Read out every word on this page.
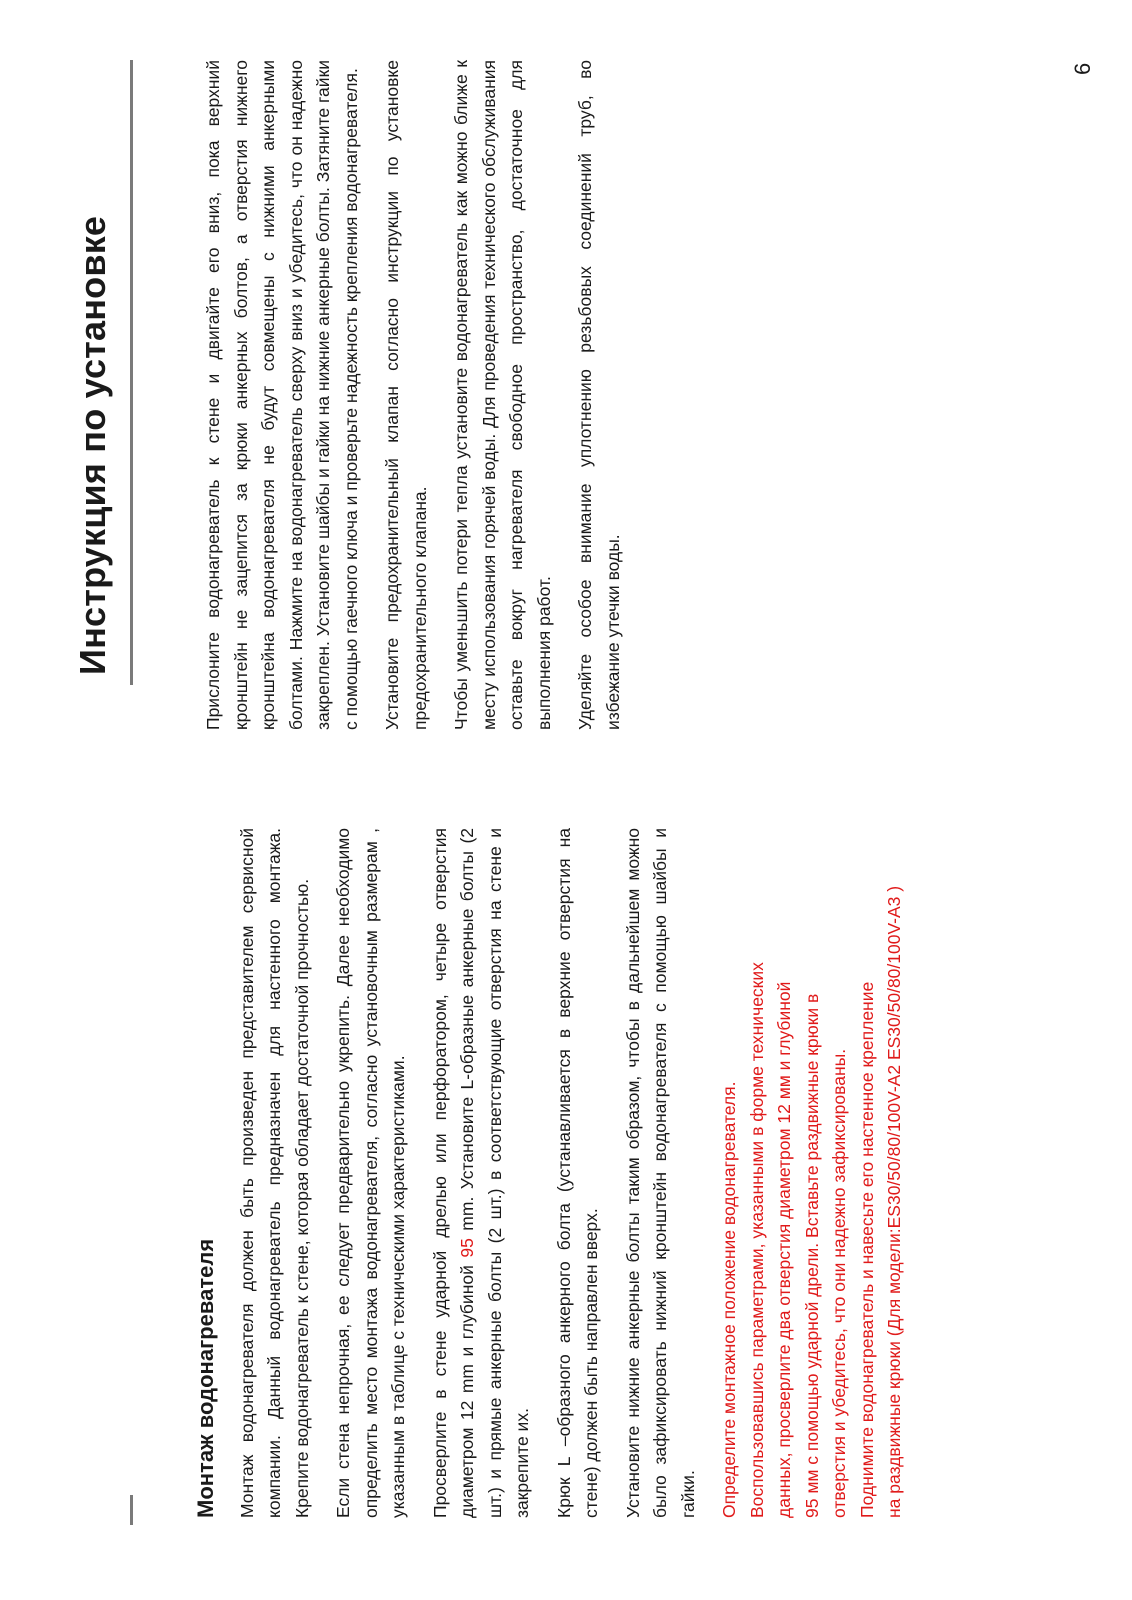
Инструкция по установке
Монтаж водонагревателя Монтаж водонагревателя должен быть произведен представителем сервисной компании. Данный водонагреватель предназначен для настенного монтажа. Крепите водонагреватель к стене, которая обладает достаточной прочностью. Если стена непрочная, ее следует предварительно укрепить. Далее необходимо определить место монтажа водонагревателя, согласно установочным размерам , указанным в таблице с техническими характеристиками. Просверлите в стене ударной дрелью или перфоратором, четыре отверстия диаметром 12 mm и глубиной 95 mm. Установите L-образные анкерные болты (2 шт.) и прямые анкерные болты (2 шт.) в соответствующие отверстия на стене и закрепите их. Крюк L –образного анкерного болта (устанавливается в верхние отверстия на стене) должен быть направлен вверх. Установите нижние анкерные болты таким образом, чтобы в дальнейшем можно было зафиксировать нижний кронштейн водонагревателя с помощью шайбы и гайки. Определите монтажное положение водонагревателя. Воспользовавшись параметрами, указанными в форме технических данных, просверлите два отверстия диаметром 12 мм и глубиной 95 мм с помощью ударной дрели. Вставьте раздвижные крюки в отверстия и убедитесь, что они надежно зафиксированы. Поднимите водонагреватель и навесьте его настенное крепление на раздвижные крюки (Для модели:ES30/50/80/100V-A2 ES30/50/80/100V-A3 )

Прислоните водонагреватель к стене и двигайте его вниз, пока верхний кронштейн не зацепится за крюки анкерных болтов, а отверстия нижнего кронштейна водонагревателя не будут совмещены с нижними анкерными болтами. Нажмите на водонагреватель сверху вниз и убедитесь, что он надежно закреплен. Установите шайбы и гайки на нижние анкерные болты. Затяните гайки с помощью гаечного ключа и проверьте надежность крепления водонагревателя. Установите предохранительный клапан согласно инструкции по установке предохранительного клапана. Чтобы уменьшить потери тепла установите водонагреватель как можно ближе к месту использования горячей воды. Для проведения технического обслуживания оставьте вокруг нагревателя свободное пространство, достаточное для выполнения работ. Уделяйте особое внимание уплотнению резьбовых соединений труб, во избежание утечки воды.

6
